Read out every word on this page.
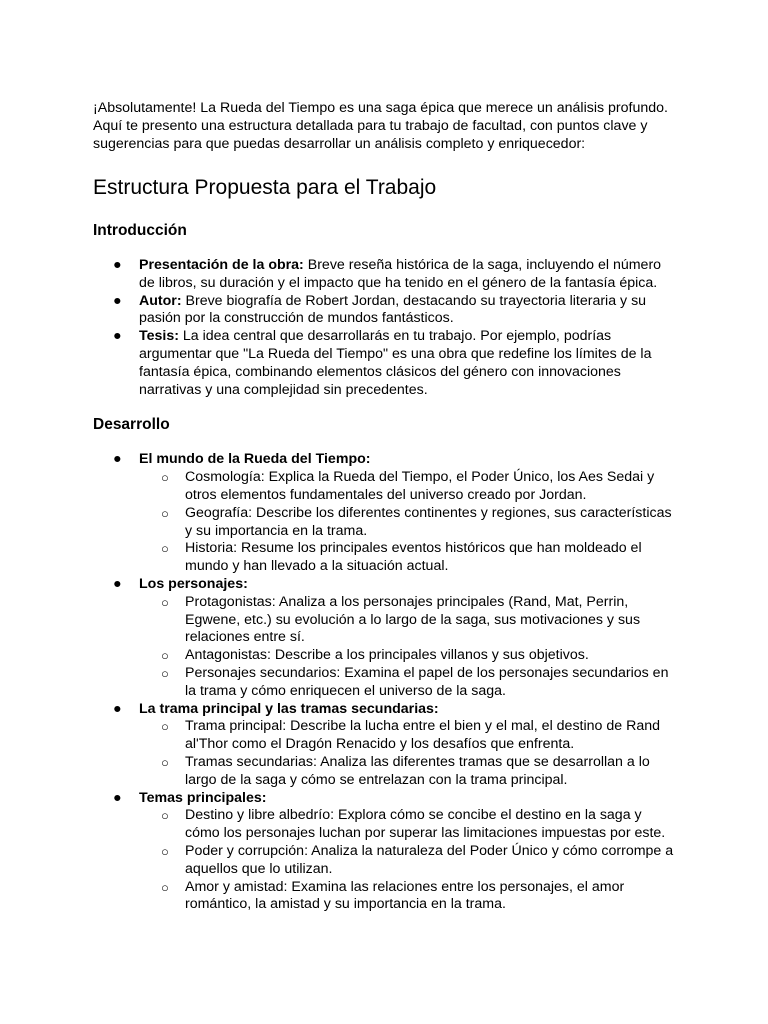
¡Absolutamente! La Rueda del Tiempo es una saga épica que merece un análisis profundo. Aquí te presento una estructura detallada para tu trabajo de facultad, con puntos clave y sugerencias para que puedas desarrollar un análisis completo y enriquecedor:

Estructura Propuesta para el Trabajo
Introducción
● Presentación de la obra: Breve reseña histórica de la saga, incluyendo el número de libros, su duración y el impacto que ha tenido en el género de la fantasía épica.
● Autor: Breve biografía de Robert Jordan, destacando su trayectoria literaria y su pasión por la construcción de mundos fantásticos.
● Tesis: La idea central que desarrollarás en tu trabajo. Por ejemplo, podrías argumentar que "La Rueda del Tiempo" es una obra que redefine los límites de la fantasía épica, combinando elementos clásicos del género con innovaciones narrativas y una complejidad sin precedentes.
Desarrollo
● El mundo de la Rueda del Tiempo:
○ Cosmología: Explica la Rueda del Tiempo, el Poder Único, los Aes Sedai y otros elementos fundamentales del universo creado por Jordan.
○ Geografía: Describe los diferentes continentes y regiones, sus características y su importancia en la trama.
○ Historia: Resume los principales eventos históricos que han moldeado el mundo y han llevado a la situación actual.
● Los personajes:
○ Protagonistas: Analiza a los personajes principales (Rand, Mat, Perrin, Egwene, etc.) su evolución a lo largo de la saga, sus motivaciones y sus relaciones entre sí.
○ Antagonistas: Describe a los principales villanos y sus objetivos.
○ Personajes secundarios: Examina el papel de los personajes secundarios en la trama y cómo enriquecen el universo de la saga.
● La trama principal y las tramas secundarias:
○ Trama principal: Describe la lucha entre el bien y el mal, el destino de Rand al'Thor como el Dragón Renacido y los desafíos que enfrenta.
○ Tramas secundarias: Analiza las diferentes tramas que se desarrollan a lo largo de la saga y cómo se entrelazan con la trama principal.
● Temas principales:
○ Destino y libre albedrío: Explora cómo se concibe el destino en la saga y cómo los personajes luchan por superar las limitaciones impuestas por este.
○ Poder y corrupción: Analiza la naturaleza del Poder Único y cómo corrompe a aquellos que lo utilizan.
○ Amor y amistad: Examina las relaciones entre los personajes, el amor romántico, la amistad y su importancia en la trama.
